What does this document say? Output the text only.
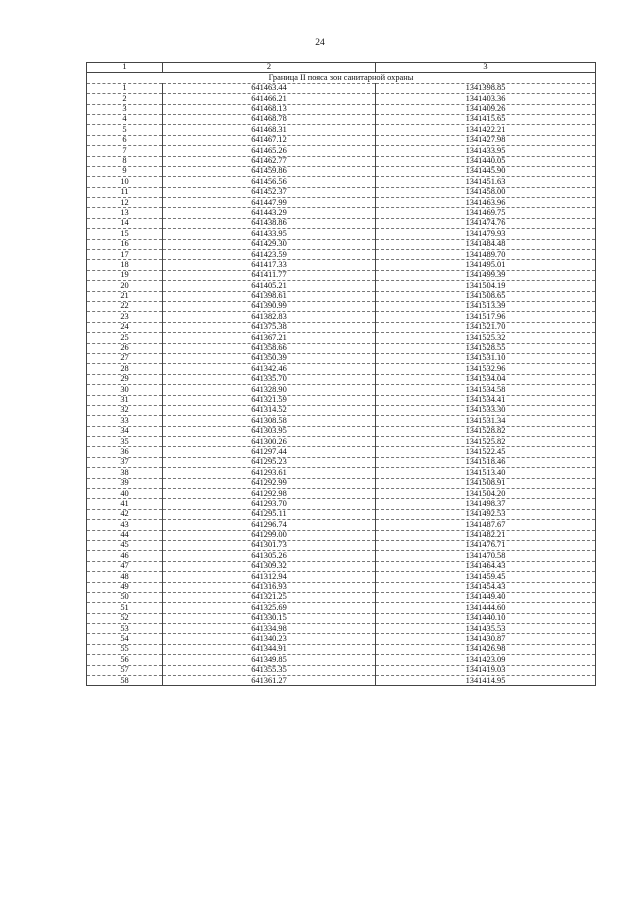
24
1	2	3
Граница II пояса зон санитарной охраны		
1	641463.44	1341398.85
2	641466.21	1341403.36
3	641468.13	1341409.26
4	641468.78	1341415.65
5	641468.31	1341422.21
6	641467.12	1341427.98
7	641465.26	1341433.95
8	641462.77	1341440.05
9	641459.86	1341445.90
10	641456.56	1341451.63
11	641452.37	1341458.00
12	641447.99	1341463.96
13	641443.29	1341469.75
14	641438.86	1341474.76
15	641433.95	1341479.93
16	641429.30	1341484.48
17	641423.59	1341489.70
18	641417.33	1341495.01
19	641411.77	1341499.39
20	641405.21	1341504.19
21	641398.61	1341508.65
22	641390.99	1341513.39
23	641382.83	1341517.96
24	641375.38	1341521.70
25	641367.21	1341525.32
26	641358.66	1341528.55
27	641350.39	1341531.10
28	641342.46	1341532.96
29	641335.70	1341534.04
30	641328.90	1341534.58
31	641321.59	1341534.41
32	641314.52	1341533.30
33	641308.58	1341531.34
34	641303.95	1341528.82
35	641300.26	1341525.82
36	641297.44	1341522.45
37	641295.23	1341518.46
38	641293.61	1341513.40
39	641292.99	1341508.91
40	641292.98	1341504.20
41	641293.70	1341498.37
42	641295.11	1341492.53
43	641296.74	1341487.67
44	641299.00	1341482.21
45	641301.73	1341476.71
46	641305.26	1341470.58
47	641309.32	1341464.43
48	641312.94	1341459.45
49	641316.93	1341454.43
50	641321.25	1341449.40
51	641325.69	1341444.60
52	641330.15	1341440.10
53	641334.98	1341435.53
54	641340.23	1341430.87
55	641344.91	1341426.98
56	641349.85	1341423.09
57	641355.35	1341419.03
58	641361.27	1341414.95
